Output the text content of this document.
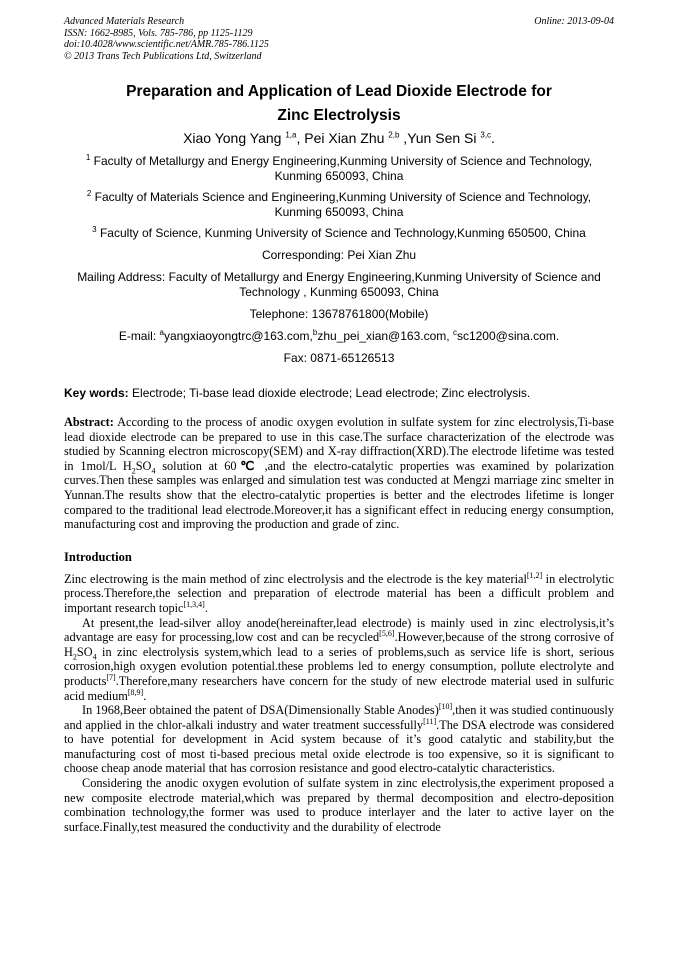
Advanced Materials Research
ISSN: 1662-8985, Vols. 785-786, pp 1125-1129
doi:10.4028/www.scientific.net/AMR.785-786.1125
© 2013 Trans Tech Publications Ltd, Switzerland
Online: 2013-09-04
Preparation and Application of Lead Dioxide Electrode for
Zinc Electrolysis
Xiao Yong Yang $^{1,a}$, Pei Xian Zhu $^{2,b}$ ,Yun Sen Si $^{3,c}$.
$^1$ Faculty of Metallurgy and Energy Engineering,Kunming University of Science and Technology, Kunming 650093, China
$^2$ Faculty of Materials Science and Engineering,Kunming University of Science and Technology, Kunming 650093, China
$^3$ Faculty of Science, Kunming University of Science and Technology,Kunming 650500, China
Corresponding: Pei Xian Zhu
Mailing Address: Faculty of Metallurgy and Energy Engineering,Kunming University of Science and Technology , Kunming 650093, China
Telephone: 13678761800(Mobile)
E-mail: $^a$yangxiaoyongtrc@163.com,$^b$zhu_pei_xian@163.com, $^c$sc1200@sina.com.
Fax: 0871-65126513
Key words: Electrode; Ti-base lead dioxide electrode; Lead electrode; Zinc electrolysis.
Abstract: According to the process of anodic oxygen evolution in sulfate system for zinc electrolysis,Ti-base lead dioxide electrode can be prepared to use in this case.The surface characterization of the electrode was studied by Scanning electron microscopy(SEM) and X-ray diffraction(XRD).The electrode lifetime was tested in 1mol/L $H_2SO_4$ solution at 60℃ ,and the electro-catalytic properties was examined by polarization curves.Then these samples was enlarged and simulation test was conducted at Mengzi marriage zinc smelter in Yunnan.The results show that the electro-catalytic properties is better and the electrodes lifetime is longer compared to the traditional lead electrode.Moreover,it has a significant effect in reducing energy consumption, manufacturing cost and improving the production and grade of zinc.
Introduction

Zinc electrowing is the main method of zinc electrolysis and the electrode is the key material[1,2] in electrolytic process.Therefore,the selection and preparation of electrode material has been a difficult problem and important research topic[1,3,4].

At present,the lead-silver alloy anode(hereinafter,lead electrode) is mainly used in zinc electrolysis,it’s advantage are easy for processing,low cost and can be recycled[5,6].However,because of the strong corrosive of $H_2SO_4$ in zinc electrolysis system,which lead to a series of problems,such as service life is short, serious corrosion,high oxygen evolution potential.these problems led to energy consumption, pollute electrolyte and products[7].Therefore,many researchers have concern for the study of new electrode material used in sulfuric acid medium[8,9].

In 1968,Beer obtained the patent of DSA(Dimensionally Stable Anodes)[10],then it was studied continuously and applied in the chlor-alkali industry and water treatment successfully[11].The DSA electrode was considered to have potential for development in Acid system because of it’s good catalytic and stability,but the manufacturing cost of most ti-based precious metal oxide electrode is too expensive, so it is significant to choose cheap anode material that has corrosion resistance and good electro-catalytic characteristics.

Considering the anodic oxygen evolution of sulfate system in zinc electrolysis,the experiment proposed a new composite electrode material,which was prepared by thermal decomposition and electro-deposition combination technology,the former was used to produce interlayer and the later to active layer on the surface.Finally,test measured the conductivity and the durability of electrode
